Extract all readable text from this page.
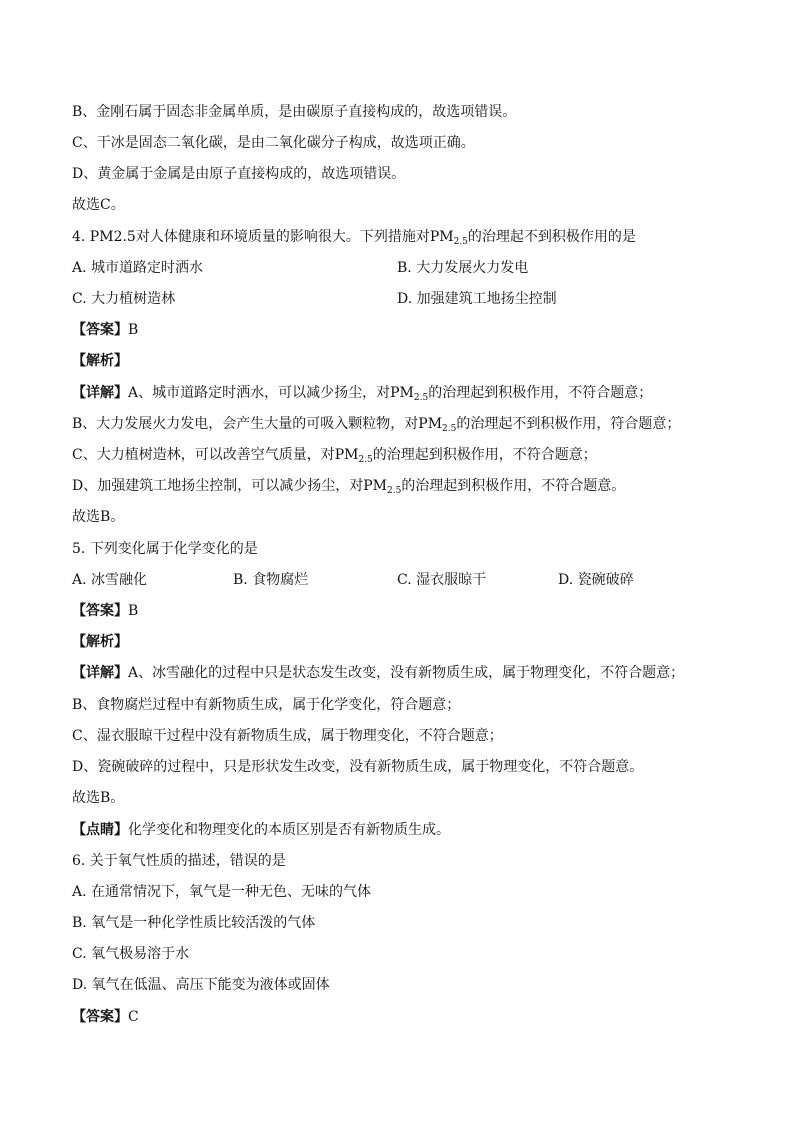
B、金刚石属于固态非金属单质，是由碳原子直接构成的，故选项错误。
C、干冰是固态二氧化碳，是由二氧化碳分子构成，故选项正确。
D、黄金属于金属是由原子直接构成的，故选项错误。
故选C。
4. PM2.5对人体健康和环境质量的影响很大。下列措施对$PM_{2.5}$的治理起不到积极作用的是
A. 城市道路定时洒水	B. 大力发展火力发电
C. 大力植树造林	D. 加强建筑工地扬尘控制
【答案】B
【解析】
【详解】A、城市道路定时洒水，可以减少扬尘，对$PM_{2.5}$的治理起到积极作用，不符合题意；
B、大力发展火力发电，会产生大量的可吸入颗粒物，对$PM_{2.5}$的治理起不到积极作用，符合题意；
C、大力植树造林，可以改善空气质量，对$PM_{2.5}$的治理起到积极作用，不符合题意；
D、加强建筑工地扬尘控制，可以减少扬尘，对$PM_{2.5}$的治理起到积极作用，不符合题意。
故选B。
5. 下列变化属于化学变化的是
A. 冰雪融化	B. 食物腐烂	C. 湿衣服晾干	D. 瓷碗破碎
【答案】B
【解析】
【详解】A、冰雪融化的过程中只是状态发生改变，没有新物质生成，属于物理变化，不符合题意；
B、食物腐烂过程中有新物质生成，属于化学变化，符合题意；
C、湿衣服晾干过程中没有新物质生成，属于物理变化，不符合题意；
D、瓷碗破碎的过程中，只是形状发生改变，没有新物质生成，属于物理变化，不符合题意。
故选B。
【点睛】化学变化和物理变化的本质区别是否有新物质生成。
6. 关于氧气性质的描述，错误的是
A. 在通常情况下，氧气是一种无色、无味的气体
B. 氧气是一种化学性质比较活泼的气体
C. 氧气极易溶于水
D. 氧气在低温、高压下能变为液体或固体
【答案】C
